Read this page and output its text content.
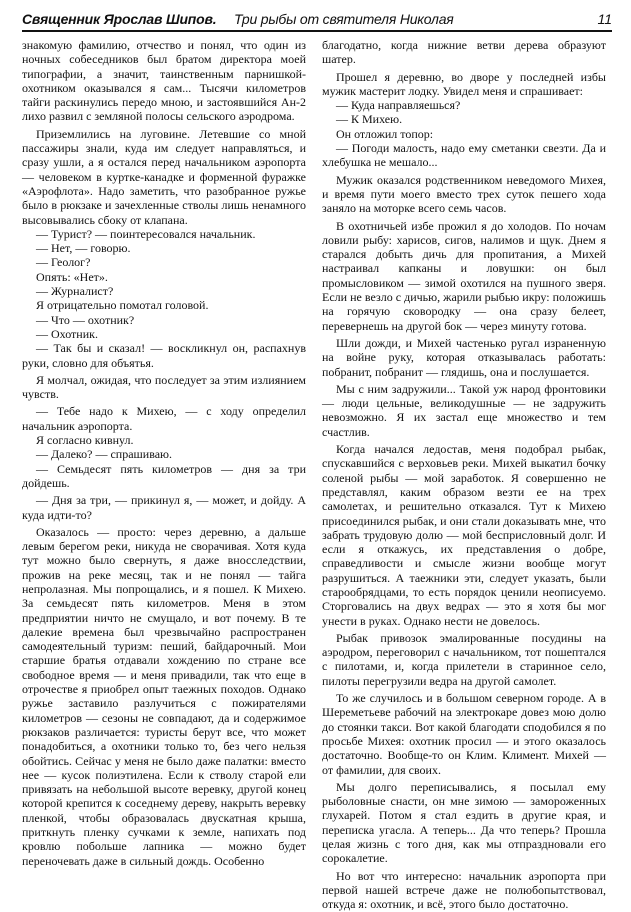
Священник Ярослав Шипов. Три рыбы от святителя Николая	11

знакомую фамилию, отчество и понял, что один из ночных собеседников был братом директора моей типографии, а значит, таинственным парнишкой-охотником оказывался я сам... Тысячи километров тайги раскинулись передо мною, и застоявшийся Ан-2 лихо развил с земляной полосы сельского аэродрома.

Приземлились на луговине. Летевшие со мной пассажиры знали, куда им следует направляться, и сразу ушли, а я остался перед начальником аэропорта — человеком в куртке-канадке и форменной фуражке «Аэрофлота». Надо заметить, что разобранное ружье было в рюкзаке и зачехленные стволы лишь ненамного высовывались сбоку от клапана.

— Турист? — поинтересовался начальник.

— Нет, — говорю.

— Геолог?

Опять: «Нет».

— Журналист?

Я отрицательно помотал головой.

— Что — охотник?

— Охотник.

— Так бы и сказал! — воскликнул он, распахнув руки, словно для объятья.

Я молчал, ожидая, что последует за этим излиянием чувств.

— Тебе надо к Михею, — с ходу определил начальник аэропорта.

Я согласно кивнул.

— Далеко? — спрашиваю.

— Семьдесят пять километров — дня за три дойдешь.

— Дня за три, — прикинул я, — может, и дойду. А куда идти-то?

Оказалось — просто: через деревню, а дальше левым берегом реки, никуда не сворачивая. Хотя куда тут можно было свернуть, я даже вносследствии, прожив на реке месяц, так и не понял — тайга непролазная. Мы попрощались, и я пошел. К Михею. За семьдесят пять километров. Меня в этом предприятии ничто не смущало, и вот почему. В те далекие времена был чрезвычайно распространен самодеятельный туризм: пеший, байдарочный. Мои старшие братья отдавали хождению по стране все свободное время — и меня привадили, так что еще в отрочестве я приобрел опыт таежных походов. Однако ружье заставило разлучиться с пожирателями километров — сезоны не совпадают, да и содержимое рюкзаков различается: туристы берут все, что может понадобиться, а охотники только то, без чего нельзя обойтись. Сейчас у меня не было даже палатки: вместо нее — кусок полиэтилена. Если к стволу старой ели привязать на небольшой высоте веревку, другой конец которой крепится к соседнему дереву, накрыть веревку пленкой, чтобы образовалась двускатная крыша, приткнуть пленку сучками к земле, напихать под кровлю побольше лапника — можно будет переночевать даже в сильный дождь. Особенно

благодатно, когда нижние ветви дерева образуют шатер.

Прошел я деревню, во дворе у последней избы мужик мастерит лодку. Увидел меня и спрашивает:

— Куда направляешься?

— К Михею.

Он отложил топор:

— Погоди малость, надо ему сметанки свезти. Да и хлебушка не мешало...

Мужик оказался родственником неведомого Михея, и время пути моего вместо трех суток пешего хода заняло на моторке всего семь часов.

В охотничьей избе прожил я до холодов. По ночам ловили рыбу: харисов, сигов, налимов и щук. Днем я старался добыть дичь для пропитания, а Михей настраивал капканы и ловушки: он был промысловиком — зимой охотился на пушного зверя. Если не везло с дичью, жарили рыбью икру: положишь на горячую сковородку — она сразу белеет, перевернешь на другой бок — через минуту готова.

Шли дожди, и Михей частенько ругал израненную на войне руку, которая отказывалась работать: побранит, побранит — глядишь, она и послушается.

Мы с ним задружили... Такой уж народ фронтовики — люди цельные, великодушные — не задружить невозможно. Я их застал еще множество и тем счастлив.

Когда начался ледостав, меня подобрал рыбак, спускавшийся с верховьев реки. Михей выкатил бочку соленой рыбы — мой заработок. Я совершенно не представлял, каким образом везти ее на трех самолетах, и решительно отказался. Тут к Михею присоединился рыбак, и они стали доказывать мне, что забрать трудовую долю — мой бесприсловный долг. И если я откажусь, их представления о добре, справедливости и смысле жизни вообще могут разрушиться. А таежники эти, следует указать, были старообрядцами, то есть порядок ценили неописуемо. Сторговались на двух ведрах — это я хотя бы мог унести в руках. Однако нести не довелось.

Рыбак привозок эмалированные посудины на аэродром, переговорил с начальником, тот пошептался с пилотами, и, когда прилетели в старинное село, пилоты перегрузили ведра на другой самолет.

То же случилось и в большом северном городе. А в Шереметьеве рабочий на электрокаре довез мою долю до стоянки такси. Вот какой благодати сподобился я по просьбе Михея: охотник просил — и этого оказалось достаточно. Вообще-то он Клим. Климент. Михей — от фамилии, для своих.

Мы долго переписывались, я посылал ему рыболовные снасти, он мне зимою — замороженных глухарей. Потом я стал ездить в другие края, и переписка угасла. А теперь... Да что теперь? Прошла целая жизнь с того дня, как мы отпраздновали его сорокалетие.

Но вот что интересно: начальник аэропорта при первой нашей встрече даже не полюбопытствовал, откуда я: охотник, и всё, этого было достаточно.
